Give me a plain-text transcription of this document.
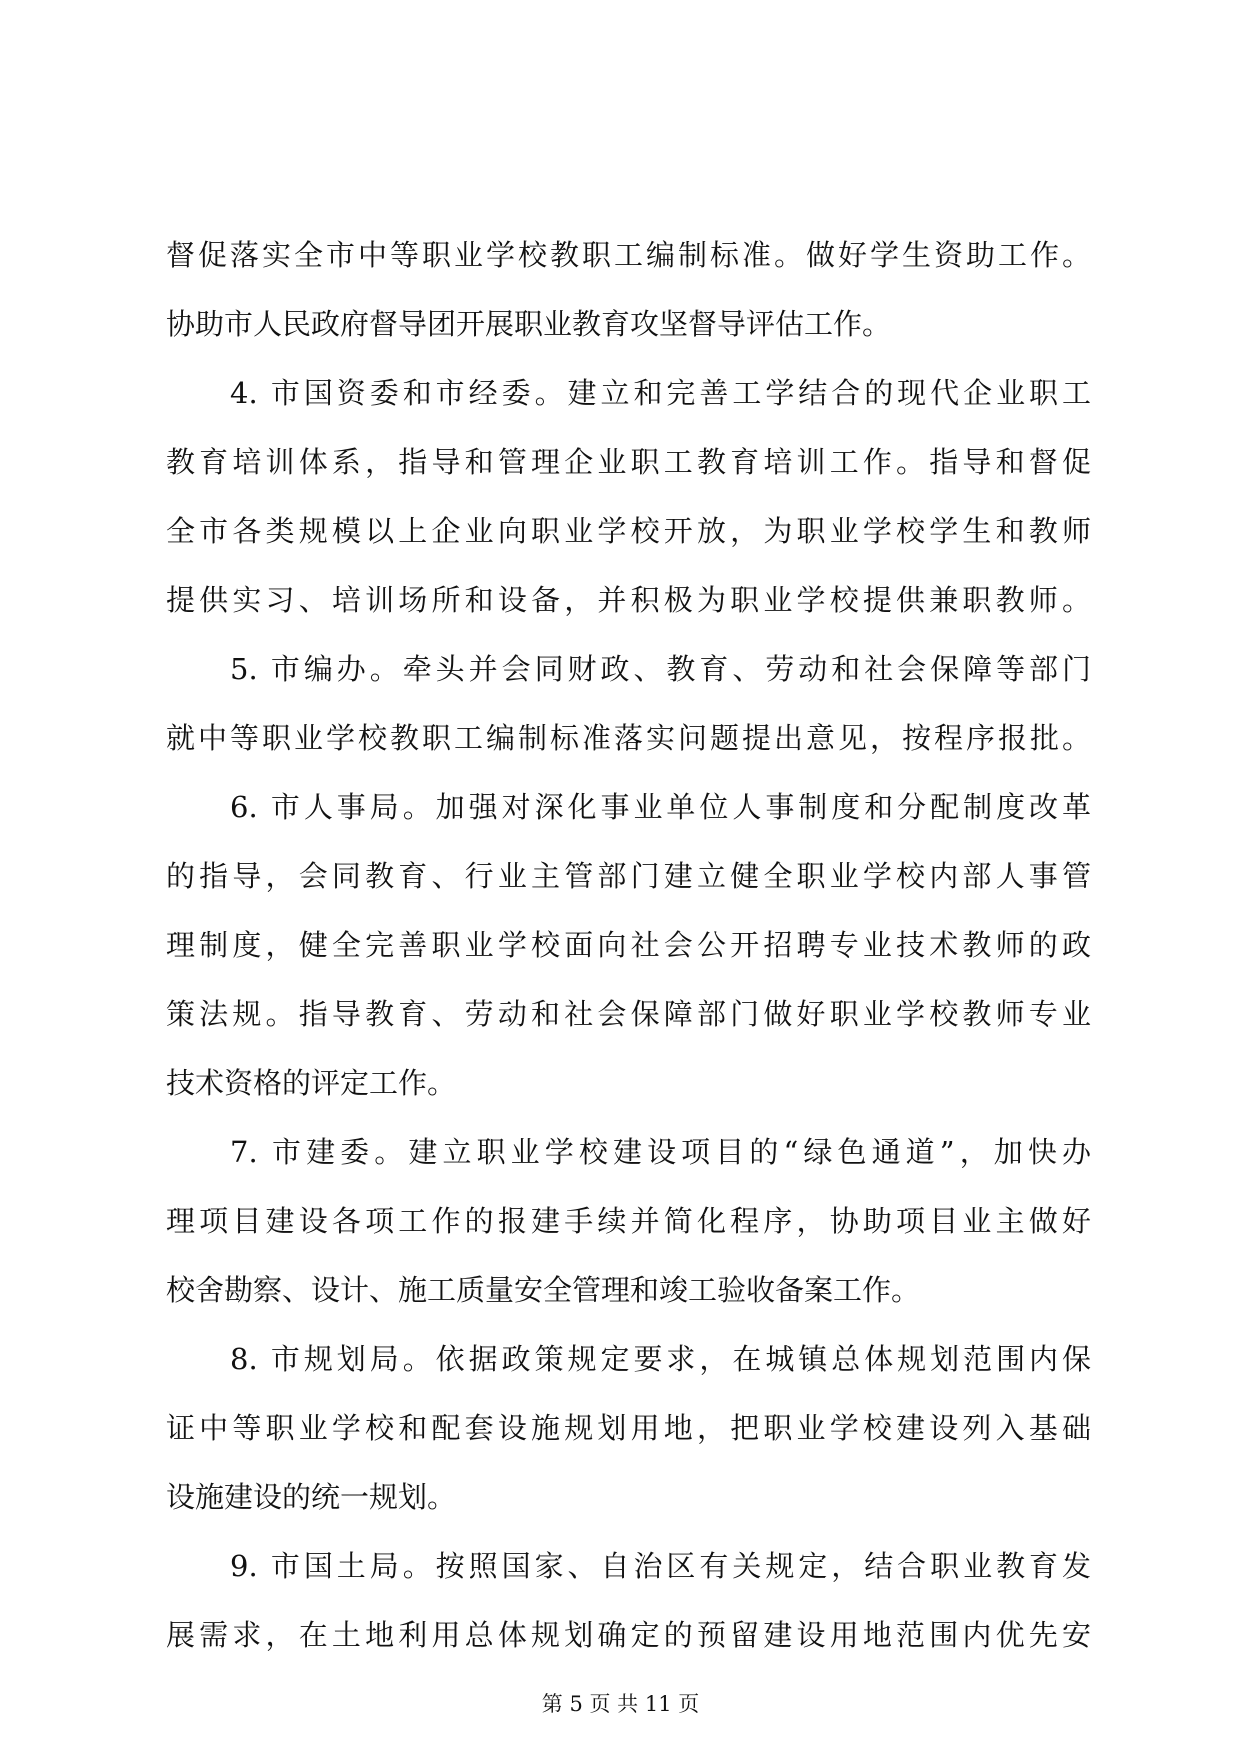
督促落实全市中等职业学校教职工编制标准。做好学生资助工作。
协助市人民政府督导团开展职业教育攻坚督导评估工作。
4. 市国资委和市经委。建立和完善工学结合的现代企业职工
教育培训体系，指导和管理企业职工教育培训工作。指导和督促
全市各类规模以上企业向职业学校开放，为职业学校学生和教师
提供实习、培训场所和设备，并积极为职业学校提供兼职教师。
5. 市编办。牵头并会同财政、教育、劳动和社会保障等部门
就中等职业学校教职工编制标准落实问题提出意见，按程序报批。
6. 市人事局。加强对深化事业单位人事制度和分配制度改革
的指导，会同教育、行业主管部门建立健全职业学校内部人事管
理制度，健全完善职业学校面向社会公开招聘专业技术教师的政
策法规。指导教育、劳动和社会保障部门做好职业学校教师专业
技术资格的评定工作。
7. 市建委。建立职业学校建设项目的“绿色通道”，加快办
理项目建设各项工作的报建手续并简化程序，协助项目业主做好
校舍勘察、设计、施工质量安全管理和竣工验收备案工作。
8. 市规划局。依据政策规定要求，在城镇总体规划范围内保
证中等职业学校和配套设施规划用地，把职业学校建设列入基础
设施建设的统一规划。
9. 市国土局。按照国家、自治区有关规定，结合职业教育发
展需求，在土地利用总体规划确定的预留建设用地范围内优先安
第 5 页 共 11 页
